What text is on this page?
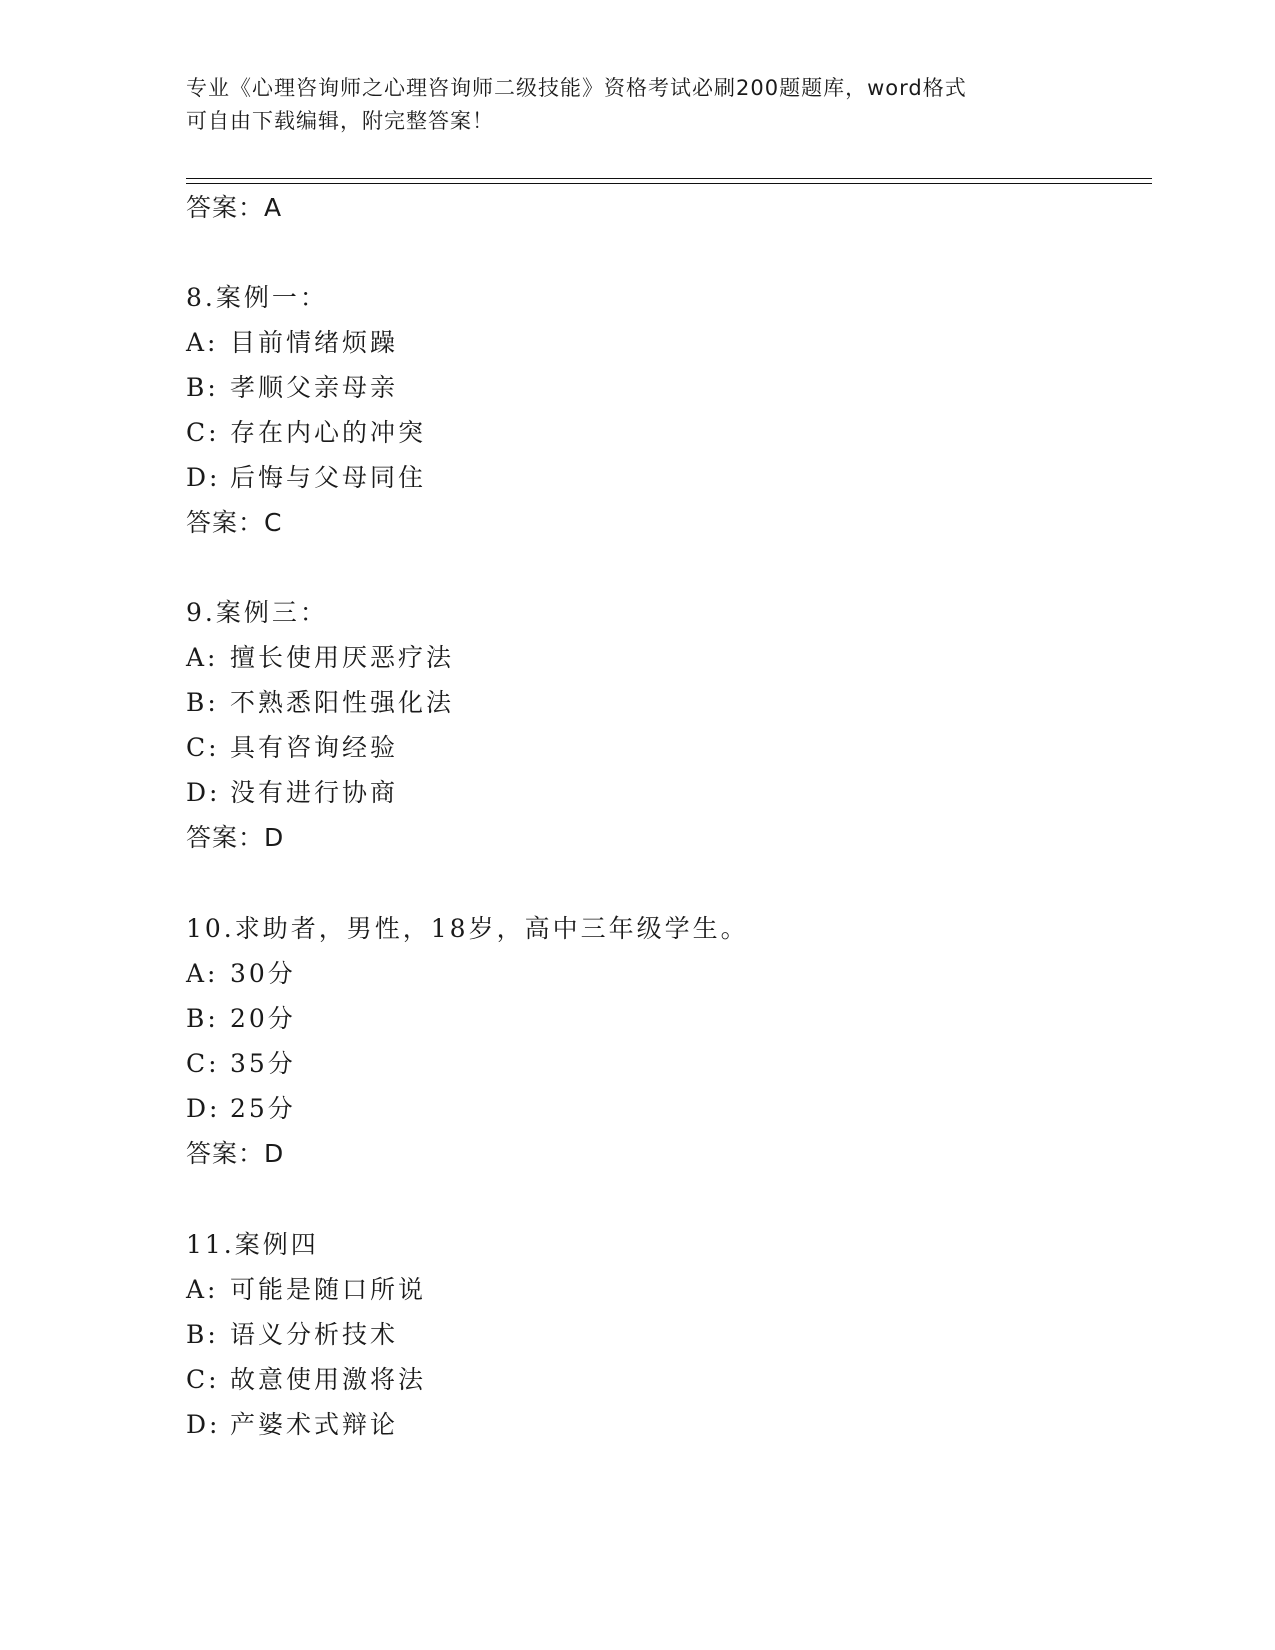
专业《心理咨询师之心理咨询师二级技能》资格考试必刷200题题库，word格式
可自由下载编辑，附完整答案！
答案：A
8.案例一：
A: 目前情绪烦躁
B: 孝顺父亲母亲
C: 存在内心的冲突
D: 后悔与父母同住
答案：C
9.案例三：
A: 擅长使用厌恶疗法
B: 不熟悉阳性强化法
C: 具有咨询经验
D: 没有进行协商
答案：D
10.求助者，男性，18岁，高中三年级学生。
A: 30分
B: 20分
C: 35分
D: 25分
答案：D
11.案例四
A: 可能是随口所说
B: 语义分析技术
C: 故意使用激将法
D: 产婆术式辩论
